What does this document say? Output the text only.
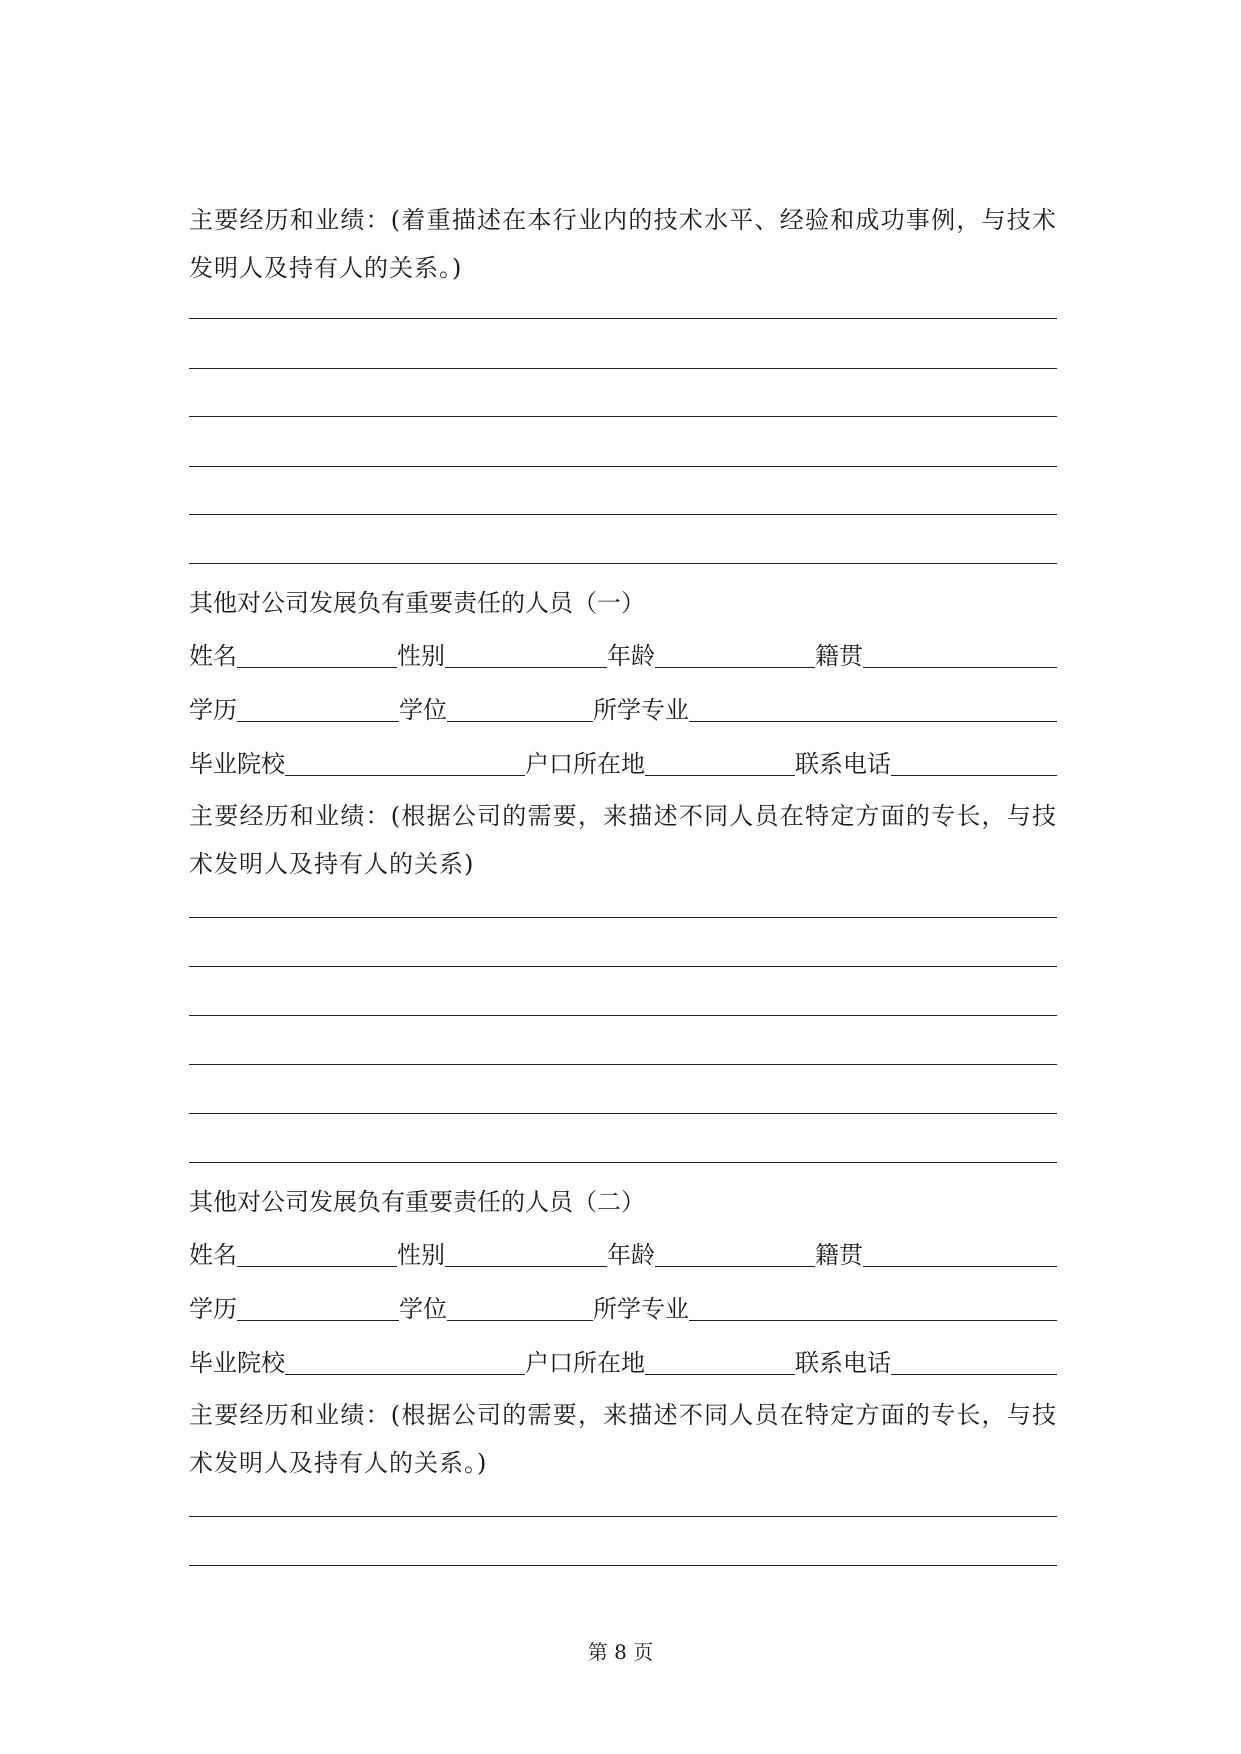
主要经历和业绩：(着重描述在本行业内的技术水平、经验和成功事例，与技术发明人及持有人的关系。)

其他对公司发展负有重要责任的人员（一）

姓名	性别	年龄	籍贯
学历	学位	所学专业
毕业院校	户口所在地	联系电话

主要经历和业绩：(根据公司的需要，来描述不同人员在特定方面的专长，与技术发明人及持有人的关系)

其他对公司发展负有重要责任的人员（二）

姓名	性别	年龄	籍贯
学历	学位	所学专业
毕业院校	户口所在地	联系电话

主要经历和业绩：(根据公司的需要，来描述不同人员在特定方面的专长，与技术发明人及持有人的关系。)

第 8 页
